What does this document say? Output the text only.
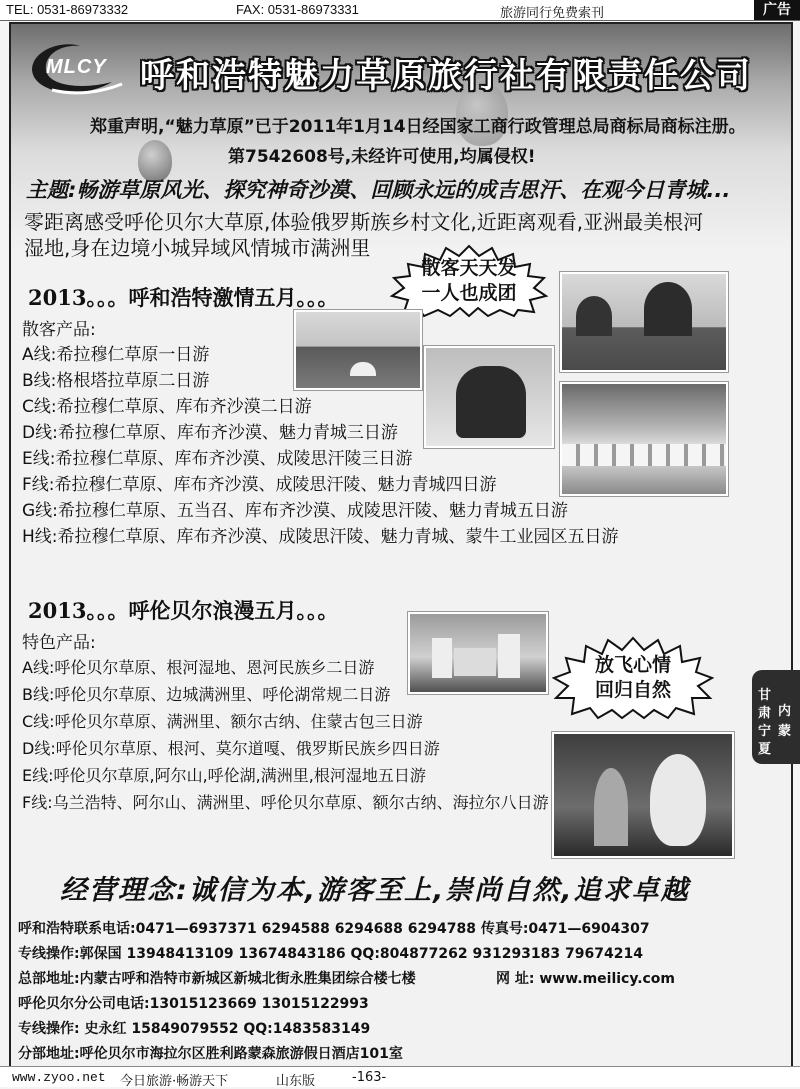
TEL: 0531-86973332	FAX: 0531-86973331	旅游同行免费索刊	广告
MLCY 呼和浩特魅力草原旅行社有限责任公司
郑重声明,“魅力草原”已于2011年1月14日经国家工商行政管理总局商标局商标注册。
第7542608号,未经许可使用,均属侵权!
主题:畅游草原风光、探究神奇沙漠、回顾永远的成吉思汗、在观今日青城...
零距离感受呼伦贝尔大草原,体验俄罗斯族乡村文化,近距离观看,亚洲最美根河
湿地,身在边境小城异域风情城市满洲里
散客天天发
一人也成团
2013。。。呼和浩特激情五月。。。
散客产品:
A线:希拉穆仁草原一日游
B线:格根塔拉草原二日游
C线:希拉穆仁草原、库布齐沙漠二日游
D线:希拉穆仁草原、库布齐沙漠、魅力青城三日游
E线:希拉穆仁草原、库布齐沙漠、成陵思汗陵三日游
F线:希拉穆仁草原、库布齐沙漠、成陵思汗陵、魅力青城四日游
G线:希拉穆仁草原、五当召、库布齐沙漠、成陵思汗陵、魅力青城五日游
H线:希拉穆仁草原、库布齐沙漠、成陵思汗陵、魅力青城、蒙牛工业园区五日游
2013。。。呼伦贝尔浪漫五月。。。
特色产品:
A线:呼伦贝尔草原、根河湿地、恩河民族乡二日游
B线:呼伦贝尔草原、边城满洲里、呼伦湖常规二日游
C线:呼伦贝尔草原、满洲里、额尔古纳、住蒙古包三日游
D线:呼伦贝尔草原、根河、莫尔道嘎、俄罗斯民族乡四日游
E线:呼伦贝尔草原,阿尔山,呼伦湖,满洲里,根河湿地五日游
F线:乌兰浩特、阿尔山、满洲里、呼伦贝尔草原、额尔古纳、海拉尔八日游
放飞心情
回归自然	甘
肃
宁
夏
内
蒙
经营理念:诚信为本,游客至上,崇尚自然,追求卓越
呼和浩特联系电话:0471—6937371 6294588 6294688 6294788 传真号:0471—6904307
专线操作:郭保国 13948413109 13674843186 QQ:804877262 931293183 79674214
总部地址:内蒙古呼和浩特市新城区新城北街永胜集团综合楼七楼	网 址: www.meilicy.com
呼伦贝尔分公司电话:13015123669 13015122993
专线操作: 史永红 15849079552 QQ:1483583149
分部地址:呼伦贝尔市海拉尔区胜利路蒙森旅游假日酒店101室
www.zyoo.net 今日旅游·畅游天下	山东版	-163-
